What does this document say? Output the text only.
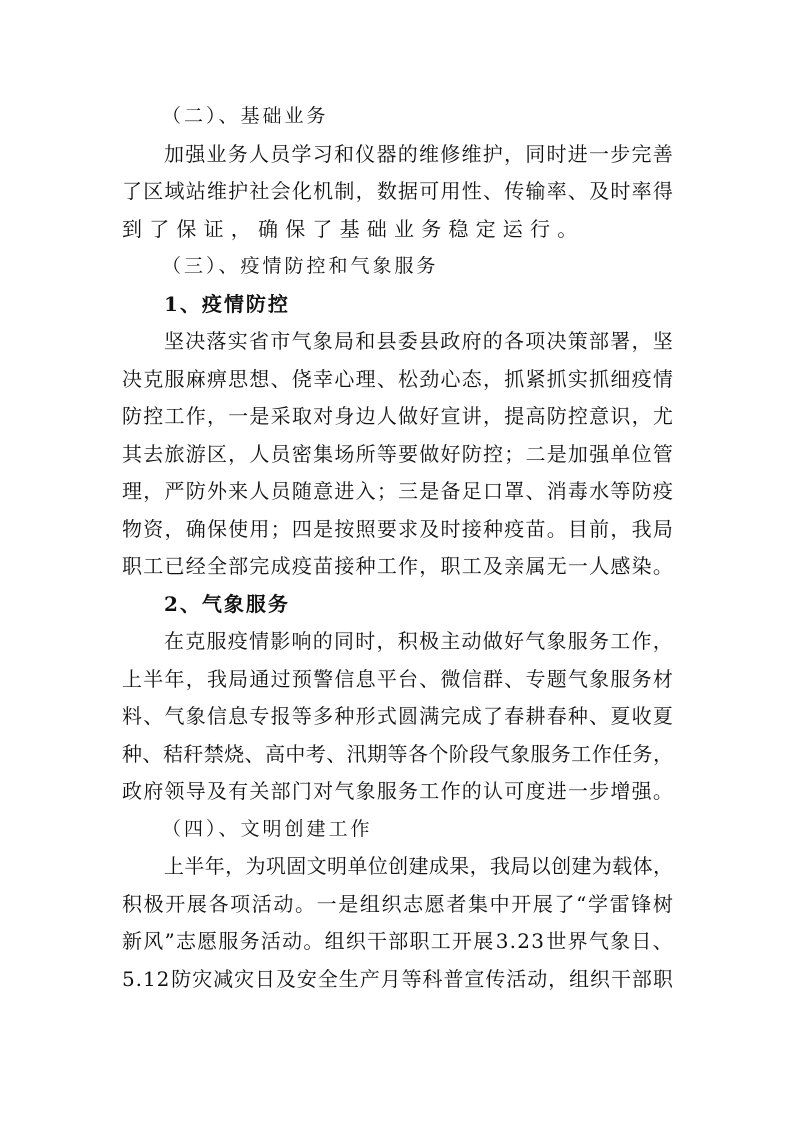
（二）、基础业务
加 强 业 务 人 员 学 习 和 仪 器 的 维 修 维 护 ， 同 时 进 一 步 完 善
了 区 域 站 维 护 社 会 化 机 制 ， 数 据 可 用 性 、 传 输 率 、 及 时 率 得
到了保证，确保了基础业务稳定运行。
（三）、疫情防控和气象服务
1、疫情防控
坚 决 落 实 省 市 气 象 局 和 县 委 县 政 府 的 各 项 决 策 部 署 ， 坚
决 克 服 麻 痹 思 想 、 侥 幸 心 理 、 松 劲 心 态 ， 抓 紧 抓 实 抓 细 疫 情
防 控 工 作 ， 一 是 采 取 对 身 边 人 做 好 宣 讲 ， 提 高 防 控 意 识 ， 尤
其 去 旅 游 区 ， 人 员 密 集 场 所 等 要 做 好 防 控 ； 二 是 加 强 单 位 管
理 ， 严 防 外 来 人 员 随 意 进 入 ； 三 是 备 足 口 罩 、 消 毒 水 等 防 疫
物 资 ， 确 保 使 用 ； 四 是 按 照 要 求 及 时 接 种 疫 苗 。 目 前 ， 我 局
职 工 已 经 全 部 完 成 疫 苗 接 种 工 作 ， 职 工 及 亲 属 无 一 人 感 染 。
2、气象服务
在 克 服 疫 情 影 响 的 同 时 ， 积 极 主 动 做 好 气 象 服 务 工 作 ，
上 半 年 ， 我 局 通 过 预 警 信 息 平 台 、 微 信 群 、 专 题 气 象 服 务 材
料 、 气 象 信 息 专 报 等 多 种 形 式 圆 满 完 成 了 春 耕 春 种 、 夏 收 夏
种 、 秸 秆 禁 烧 、 高 中 考 、 汛 期 等 各 个 阶 段 气 象 服 务 工 作 任 务 ，
政 府 领 导 及 有 关 部 门 对 气 象 服 务 工 作 的 认 可 度 进 一 步 增 强 。
（四）、文明创建工作
上 半 年 ， 为 巩 固 文 明 单 位 创 建 成 果 ， 我 局 以 创 建 为 载 体 ，
积 极 开 展 各 项 活 动 。 一 是 组 织 志 愿 者 集 中 开 展 了 “ 学 雷 锋 树
新 风 ” 志 愿 服 务 活 动 。 组 织 干 部 职 工 开 展 3 . 2 3 世 界 气 象 日 、
5 . 1 2 防 灾 减 灾 日 及 安 全 生 产 月 等 科 普 宣 传 活 动 ， 组 织 干 部 职
